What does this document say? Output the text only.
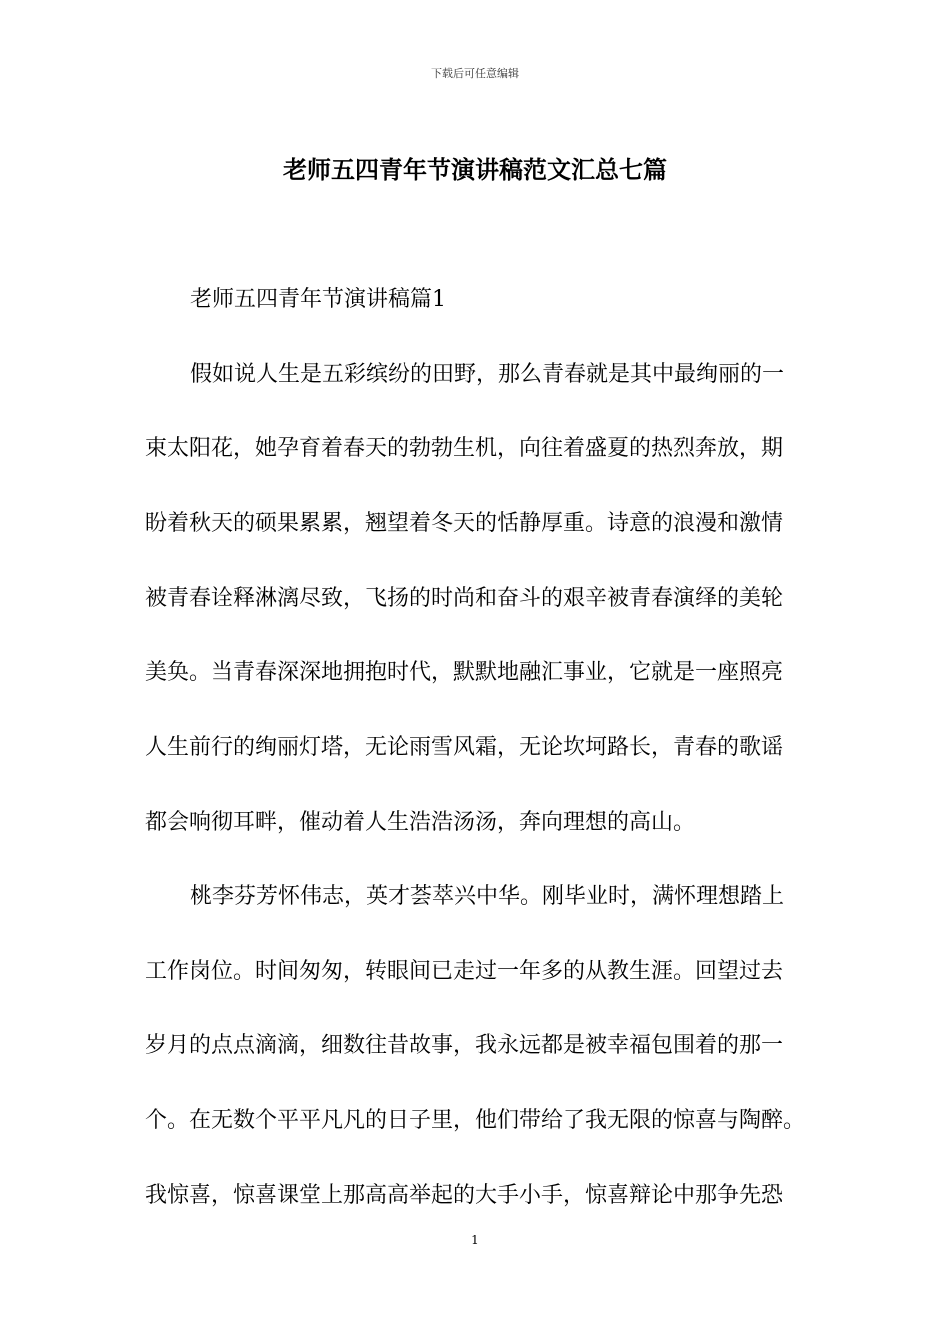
下载后可任意编辑
老师五四青年节演讲稿范文汇总七篇
老师五四青年节演讲稿篇1
假如说人生是五彩缤纷的田野，那么青春就是其中最绚丽的一
束太阳花，她孕育着春天的勃勃生机，向往着盛夏的热烈奔放，期
盼着秋天的硕果累累，翘望着冬天的恬静厚重。诗意的浪漫和激情
被青春诠释淋漓尽致，飞扬的时尚和奋斗的艰辛被青春演绎的美轮
美奂。当青春深深地拥抱时代，默默地融汇事业，它就是一座照亮
人生前行的绚丽灯塔，无论雨雪风霜，无论坎坷路长，青春的歌谣
都会响彻耳畔，催动着人生浩浩汤汤，奔向理想的高山。
桃李芬芳怀伟志，英才荟萃兴中华。刚毕业时，满怀理想踏上
工作岗位。时间匆匆，转眼间已走过一年多的从教生涯。回望过去
岁月的点点滴滴，细数往昔故事，我永远都是被幸福包围着的那一
个。在无数个平平凡凡的日子里，他们带给了我无限的惊喜与陶醉。
我惊喜，惊喜课堂上那高高举起的大手小手，惊喜辩论中那争先恐
1
